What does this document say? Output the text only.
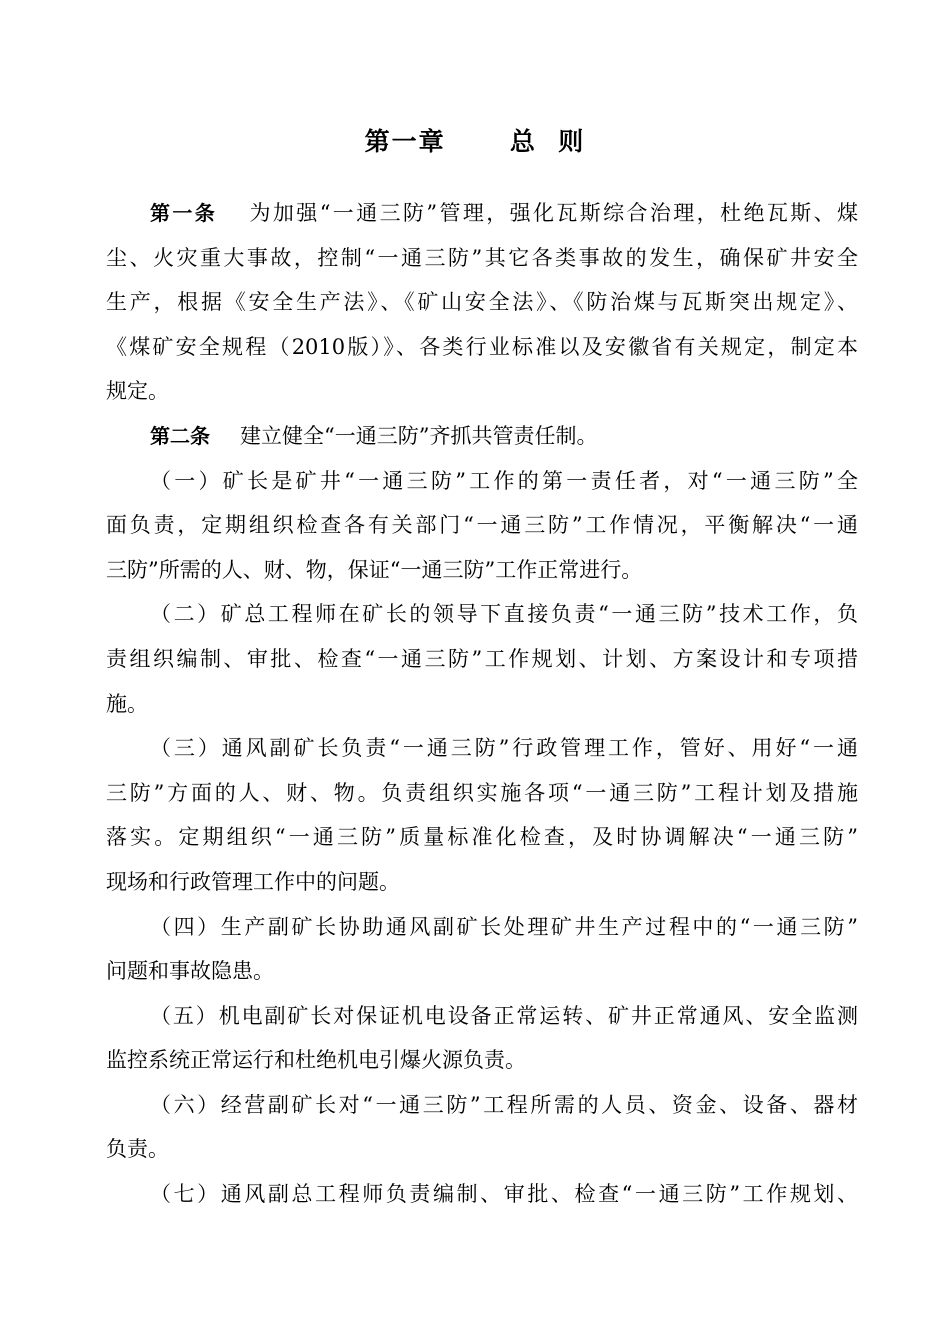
第一章      总  则
第一条 为加强“一通三防”管理，强化瓦斯综合治理，杜绝瓦斯、煤
尘、火灾重大事故，控制“一通三防”其它各类事故的发生，确保矿井安全
生产，根据《安全生产法》、《矿山安全法》、《防治煤与瓦斯突出规定》、
《煤矿安全规程（2010版）》、各类行业标准以及安徽省有关规定，制定本
规定。
第二条 建立健全“一通三防”齐抓共管责任制。
（一）矿长是矿井“一通三防”工作的第一责任者，对“一通三防”全
面负责，定期组织检查各有关部门“一通三防”工作情况，平衡解决“一通
三防”所需的人、财、物，保证“一通三防”工作正常进行。
（二）矿总工程师在矿长的领导下直接负责“一通三防”技术工作，负
责组织编制、审批、检查“一通三防”工作规划、计划、方案设计和专项措
施。
（三）通风副矿长负责“一通三防”行政管理工作，管好、用好“一通
三防”方面的人、财、物。负责组织实施各项“一通三防”工程计划及措施
落实。定期组织“一通三防”质量标准化检查，及时协调解决“一通三防”
现场和行政管理工作中的问题。
（四）生产副矿长协助通风副矿长处理矿井生产过程中的“一通三防”
问题和事故隐患。
（五）机电副矿长对保证机电设备正常运转、矿井正常通风、安全监测
监控系统正常运行和杜绝机电引爆火源负责。
（六）经营副矿长对“一通三防”工程所需的人员、资金、设备、器材
负责。
（七）通风副总工程师负责编制、审批、检查“一通三防”工作规划、
